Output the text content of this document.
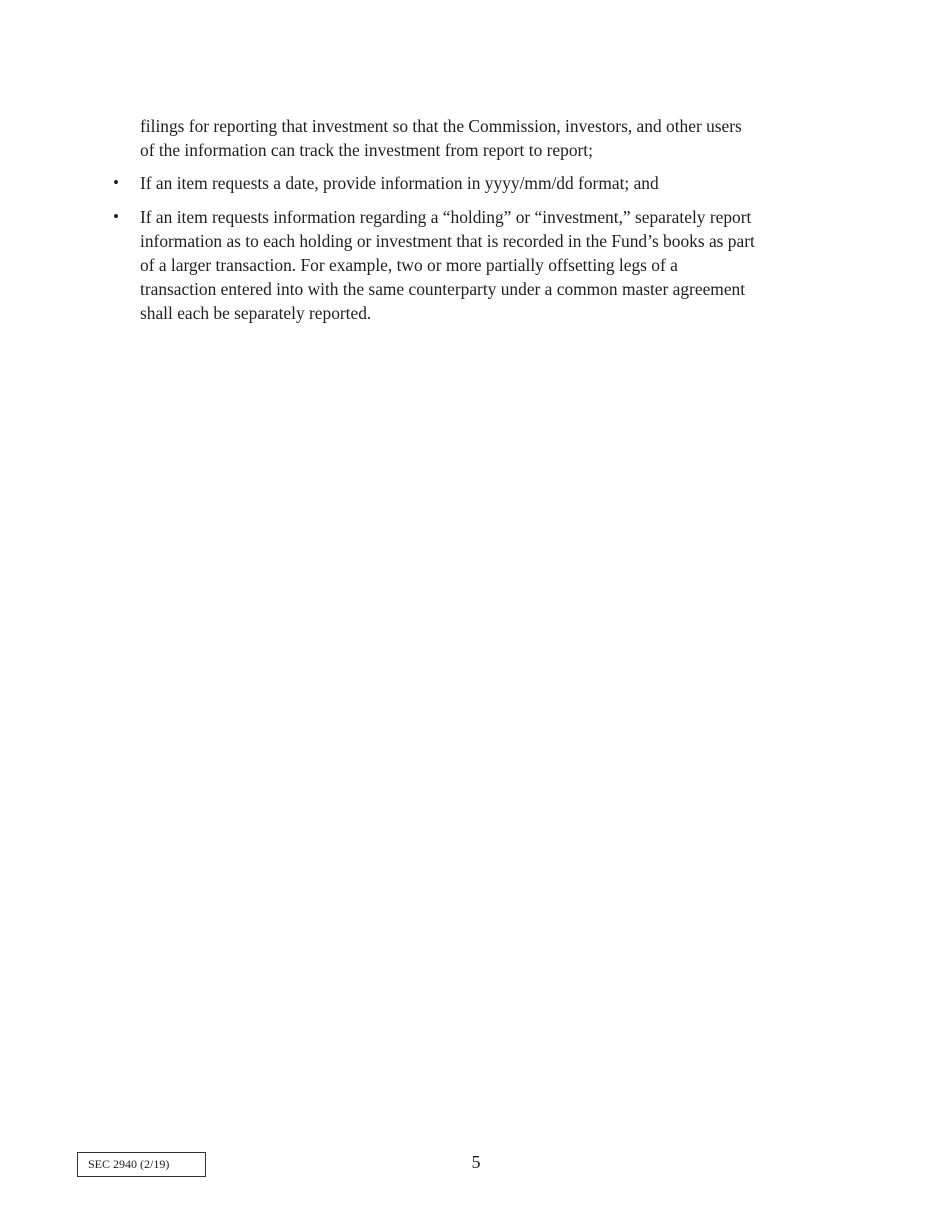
filings for reporting that investment so that the Commission, investors, and other users
of the information can track the investment from report to report;
• If an item requests a date, provide information in yyyy/mm/dd format; and
• If an item requests information regarding a “holding” or “investment,” separately report
information as to each holding or investment that is recorded in the Fund’s books as part
of a larger transaction. For example, two or more partially offsetting legs of a
transaction entered into with the same counterparty under a common master agreement
shall each be separately reported.
SEC 2940 (2/19)	5
